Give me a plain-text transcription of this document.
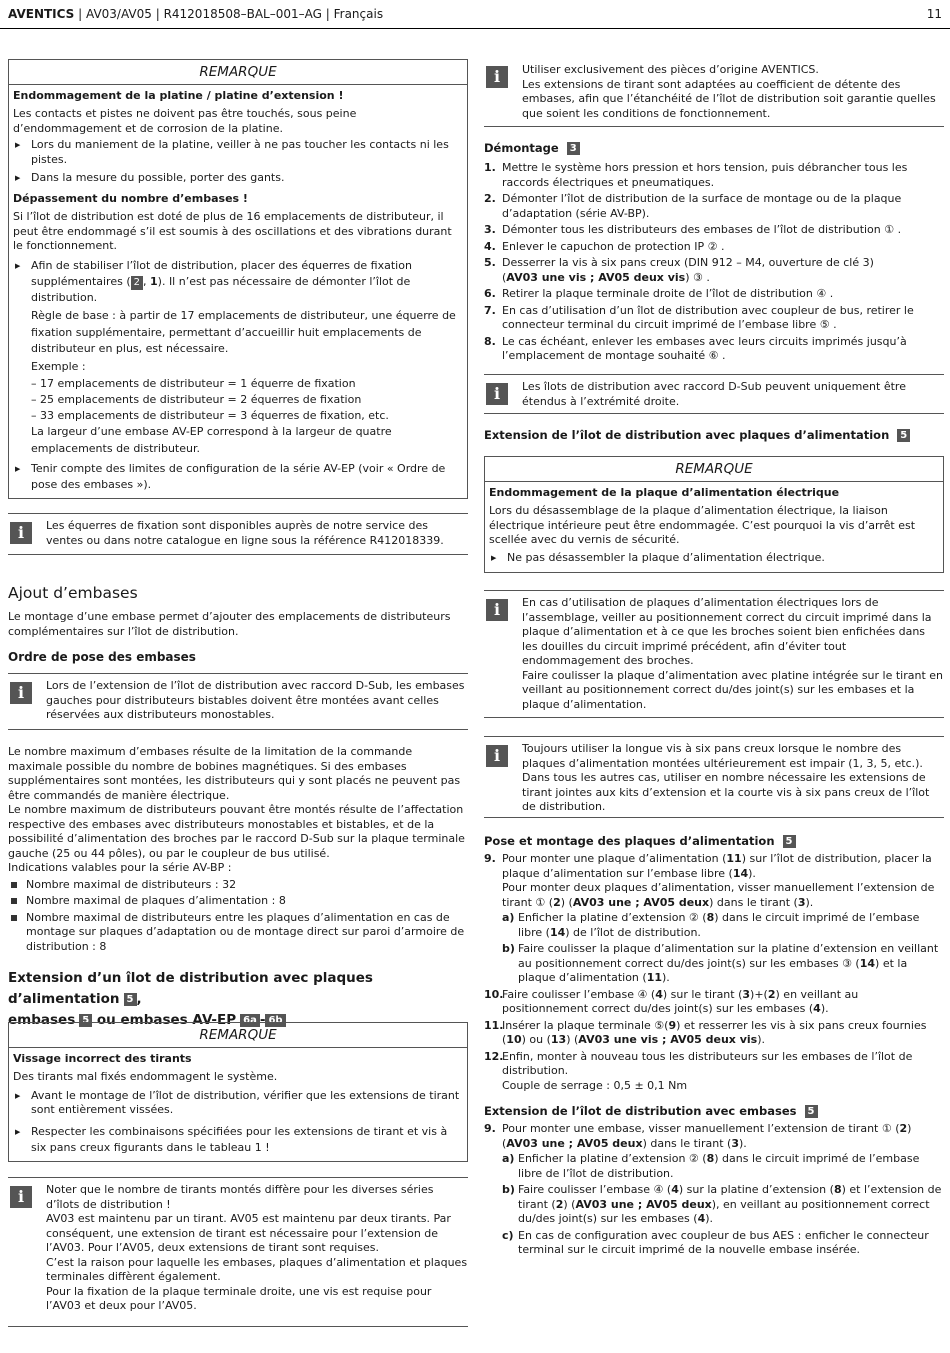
AVENTICS | AV03/AV05 | R412018508–BAL–001–AG | Français	11
REMARQUE
Endommagement de la platine / platine d’extension !

Les contacts et pistes ne doivent pas être touchés, sous peine d’endommagement et de corrosion de la platine.

▶ Lors du maniement de la platine, veiller à ne pas toucher les contacts ni les pistes.
▶ Dans la mesure du possible, porter des gants.
Dépassement du nombre d’embases !

Si l’îlot de distribution est doté de plus de 16 emplacements de distributeur, il peut être endommagé s’il est soumis à des oscillations et des vibrations durant le fonctionnement.

▶ Afin de stabiliser l’îlot de distribution, placer des équerres de fixation supplémentaires ( 2 , 1). Il n’est pas nécessaire de démonter l’îlot de distribution.
Règle de base : à partir de 17 emplacements de distributeur, une équerre de fixation supplémentaire, permettant d’accueillir huit emplacements de distributeur en plus, est nécessaire.
Exemple :
– 17 emplacements de distributeur = 1 équerre de fixation
– 25 emplacements de distributeur = 2 équerres de fixation
– 33 emplacements de distributeur = 3 équerres de fixation, etc.
La largeur d’une embase AV-EP correspond à la largeur de quatre emplacements de distributeur.
▶ Tenir compte des limites de configuration de la série AV-EP (voir « Ordre de pose des embases »).
i	Les équerres de fixation sont disponibles auprès de notre service des ventes ou dans notre catalogue en ligne sous la référence R412018339.

Ajout d’embases
Le montage d’une embase permet d’ajouter des emplacements de distributeurs complémentaires sur l’îlot de distribution.
Ordre de pose des embases
i	Lors de l’extension de l’îlot de distribution avec raccord D-Sub, les embases gauches pour distributeurs bistables doivent être montées avant celles réservées aux distributeurs monostables.

Le nombre maximum d’embases résulte de la limitation de la commande maximale possible du nombre de bobines magnétiques. Si des embases supplémentaires sont montées, les distributeurs qui y sont placés ne peuvent pas être commandés de manière électrique.

Le nombre maximum de distributeurs pouvant être montés résulte de l’affectation respective des embases avec distributeurs monostables et bistables, et de la possibilité d’alimentation des broches par le raccord D-Sub sur la plaque terminale gauche (25 ou 44 pôles), ou par le coupleur de bus utilisé.

Indications valables pour la série AV-BP :

Nombre maximal de distributeurs : 32
Nombre maximal de plaques d’alimentation : 8
Nombre maximal de distributeurs entre les plaques d’alimentation en cas de montage sur plaques d’adaptation ou de montage direct sur paroi d’armoire de distribution : 8
Extension d’un îlot de distribution avec plaques d’alimentation 5 ,
embases 5 ou embases AV-EP 6a - 6b
REMARQUE
Vissage incorrect des tirants

Des tirants mal fixés endommagent le système.

▶ Avant le montage de l’îlot de distribution, vérifier que les extensions de tirant sont entièrement vissées.
▶ Respecter les combinaisons spécifiées pour les extensions de tirant et vis à six pans creux figurants dans le tableau 1 !
i	Noter que le nombre de tirants montés diffère pour les diverses séries d’îlots de distribution !

AV03 est maintenu par un tirant. AV05 est maintenu par deux tirants. Par conséquent, une extension de tirant est nécessaire pour l’extension de l’AV03. Pour l’AV05, deux extensions de tirant sont requises.

C’est la raison pour laquelle les embases, plaques d’alimentation et plaques terminales diffèrent également.

Pour la fixation de la plaque terminale droite, une vis est requise pour l’AV03 et deux pour l’AV05.

i	Utiliser exclusivement des pièces d’origine AVENTICS.

Les extensions de tirant sont adaptées au coefficient de détente des embases, afin que l’étanchéité de l’îlot de distribution soit garantie quelles que soient les conditions de fonctionnement.

Démontage 3
1. Mettre le système hors pression et hors tension, puis débrancher tous les raccords électriques et pneumatiques.
2. Démonter l’îlot de distribution de la surface de montage ou de la plaque d’adaptation (série AV-BP).
3. Démonter tous les distributeurs des embases de l’îlot de distribution ① .
4. Enlever le capuchon de protection IP ② .
5. Desserrer la vis à six pans creux (DIN 912 – M4, ouverture de clé 3)
(AV03 une vis ; AV05 deux vis) ③ .
6. Retirer la plaque terminale droite de l’îlot de distribution ④ .
7. En cas d’utilisation d’un îlot de distribution avec coupleur de bus, retirer le connecteur terminal du circuit imprimé de l’embase libre ⑤ .
8. Le cas échéant, enlever les embases avec leurs circuits imprimés jusqu’à l’emplacement de montage souhaité ⑥ .
i	Les îlots de distribution avec raccord D-Sub peuvent uniquement être étendus à l’extrémité droite.

Extension de l’îlot de distribution avec plaques d’alimentation 5
REMARQUE
Endommagement de la plaque d’alimentation électrique

Lors du désassemblage de la plaque d’alimentation électrique, la liaison électrique intérieure peut être endommagée. C’est pourquoi la vis d’arrêt est scellée avec du vernis de sécurité.

▶ Ne pas désassembler la plaque d’alimentation électrique.
i	En cas d’utilisation de plaques d’alimentation électriques lors de l’assemblage, veiller au positionnement correct du circuit imprimé dans la plaque d’alimentation et à ce que les broches soient bien enfichées dans les douilles du circuit imprimé précédent, afin d’éviter tout endommagement des broches.

Faire coulisser la plaque d’alimentation avec platine intégrée sur le tirant en veillant au positionnement correct du/des joint(s) sur les embases et la plaque d’alimentation.

i	Toujours utiliser la longue vis à six pans creux lorsque le nombre des plaques d’alimentation montées ultérieurement est impair (1, 3, 5, etc.).

Dans tous les autres cas, utiliser en nombre nécessaire les extensions de tirant jointes aux kits d’extension et la courte vis à six pans creux de l’îlot de distribution.

Pose et montage des plaques d’alimentation 5
9. Pour monter une plaque d’alimentation (11) sur l’îlot de distribution, placer la plaque d’alimentation sur l’embase libre (14).
Pour monter deux plaques d’alimentation, visser manuellement l’extension de tirant ① (2) (AV03 une ; AV05 deux) dans le tirant (3).
a) Enficher la platine d’extension ② (8) dans le circuit imprimé de l’embase libre (14) de l’îlot de distribution.
b) Faire coulisser la plaque d’alimentation sur la platine d’extension en veillant au positionnement correct du/des joint(s) sur les embases ③ (14) et la plaque d’alimentation (11).
10.
Faire coulisser l’embase ④ (4) sur le tirant (3)+(2) en veillant au positionnement correct du/des joint(s) sur les embases (4).
11.
Insérer la plaque terminale ⑤(9) et resserrer les vis à six pans creux fournies (10) ou (13) (AV03 une vis ; AV05 deux vis).
12.
Enfin, monter à nouveau tous les distributeurs sur les embases de l’îlot de distribution.
Couple de serrage : 0,5 ± 0,1 Nm
Extension de l’îlot de distribution avec embases 5
9. Pour monter une embase, visser manuellement l’extension de tirant ① (2) (AV03 une ; AV05 deux) dans le tirant (3).
a) Enficher la platine d’extension ② (8) dans le circuit imprimé de l’embase libre de l’îlot de distribution.
b) Faire coulisser l’embase ④ (4) sur la platine d’extension (8) et l’extension de tirant (2) (AV03 une ; AV05 deux), en veillant au positionnement correct du/des joint(s) sur les embases (4).
c) En cas de configuration avec coupleur de bus AES : enficher le connecteur terminal sur le circuit imprimé de la nouvelle embase insérée.
